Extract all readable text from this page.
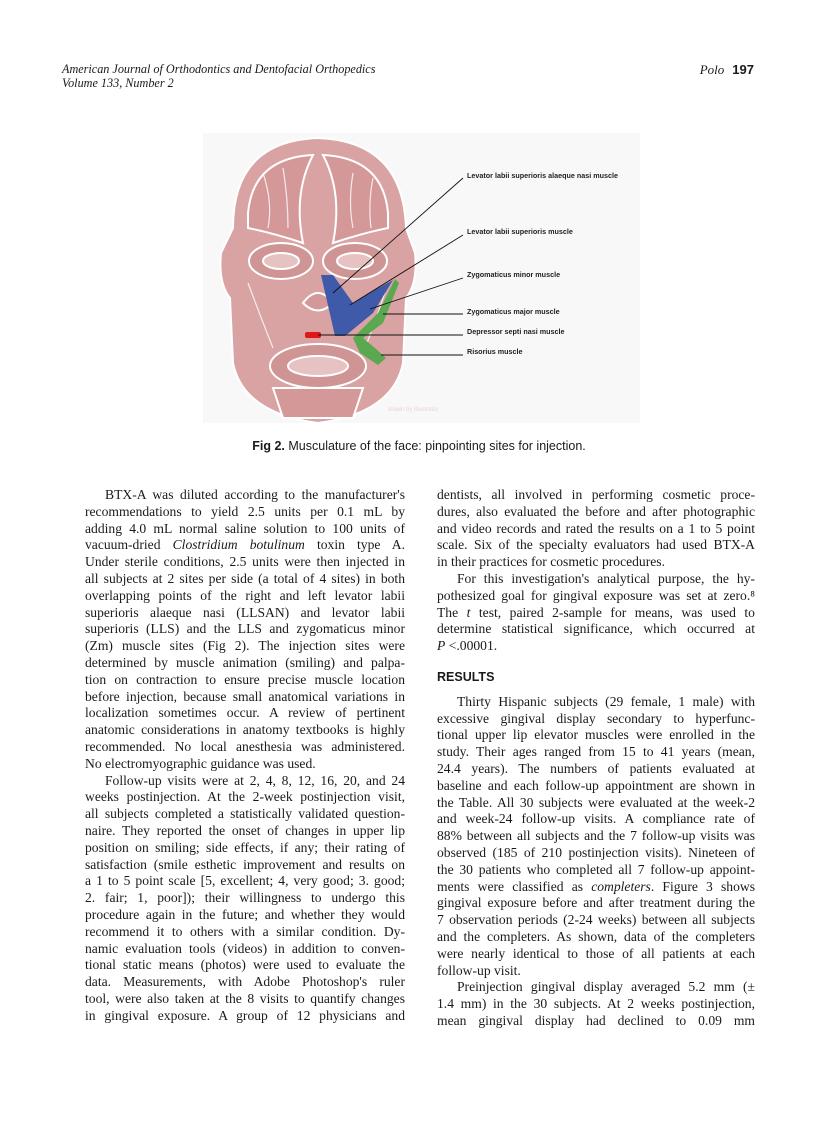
American Journal of Orthodontics and Dentofacial Orthopedics
Volume 133, Number 2
Polo 197
drawn by illustrator
Levator labii superioris alaeque nasi muscle
Levator labii superioris muscle
Zygomaticus minor muscle
Zygomaticus major muscle
Depressor septi nasi muscle
Risorius muscle
Fig 2. Musculature of the face: pinpointing sites for injection.
BTX-A was diluted according to the manufacturer's
recommendations to yield 2.5 units per 0.1 mL by
adding 4.0 mL normal saline solution to 100 units of
vacuum-dried Clostridium botulinum toxin type A.
Under sterile conditions, 2.5 units were then injected in
all subjects at 2 sites per side (a total of 4 sites) in both
overlapping points of the right and left levator labii
superioris alaeque nasi (LLSAN) and levator labii
superioris (LLS) and the LLS and zygomaticus minor
(Zm) muscle sites (Fig 2). The injection sites were
determined by muscle animation (smiling) and palpa-
tion on contraction to ensure precise muscle location
before injection, because small anatomical variations in
localization sometimes occur. A review of pertinent
anatomic considerations in anatomy textbooks is highly
recommended. No local anesthesia was administered.
No electromyographic guidance was used.
Follow-up visits were at 2, 4, 8, 12, 16, 20, and 24
weeks postinjection. At the 2-week postinjection visit,
all subjects completed a statistically validated question-
naire. They reported the onset of changes in upper lip
position on smiling; side effects, if any; their rating of
satisfaction (smile esthetic improvement and results on
a 1 to 5 point scale [5, excellent; 4, very good; 3. good;
2. fair; 1, poor]); their willingness to undergo this
procedure again in the future; and whether they would
recommend it to others with a similar condition. Dy-
namic evaluation tools (videos) in addition to conven-
tional static means (photos) were used to evaluate the
data. Measurements, with Adobe Photoshop's ruler
tool, were also taken at the 8 visits to quantify changes
in gingival exposure. A group of 12 physicians and
dentists, all involved in performing cosmetic proce-
dures, also evaluated the before and after photographic
and video records and rated the results on a 1 to 5 point
scale. Six of the specialty evaluators had used BTX-A
in their practices for cosmetic procedures.
For this investigation's analytical purpose, the hy-
pothesized goal for gingival exposure was set at zero.⁸
The t test, paired 2-sample for means, was used to
determine statistical significance, which occurred at
P <.00001.
RESULTS
Thirty Hispanic subjects (29 female, 1 male) with
excessive gingival display secondary to hyperfunc-
tional upper lip elevator muscles were enrolled in the
study. Their ages ranged from 15 to 41 years (mean,
24.4 years). The numbers of patients evaluated at
baseline and each follow-up appointment are shown in
the Table. All 30 subjects were evaluated at the week-2
and week-24 follow-up visits. A compliance rate of
88% between all subjects and the 7 follow-up visits was
observed (185 of 210 postinjection visits). Nineteen of
the 30 patients who completed all 7 follow-up appoint-
ments were classified as completers. Figure 3 shows
gingival exposure before and after treatment during the
7 observation periods (2-24 weeks) between all subjects
and the completers. As shown, data of the completers
were nearly identical to those of all patients at each
follow-up visit.
Preinjection gingival display averaged 5.2 mm (±
1.4 mm) in the 30 subjects. At 2 weeks postinjection,
mean gingival display had declined to 0.09 mm
